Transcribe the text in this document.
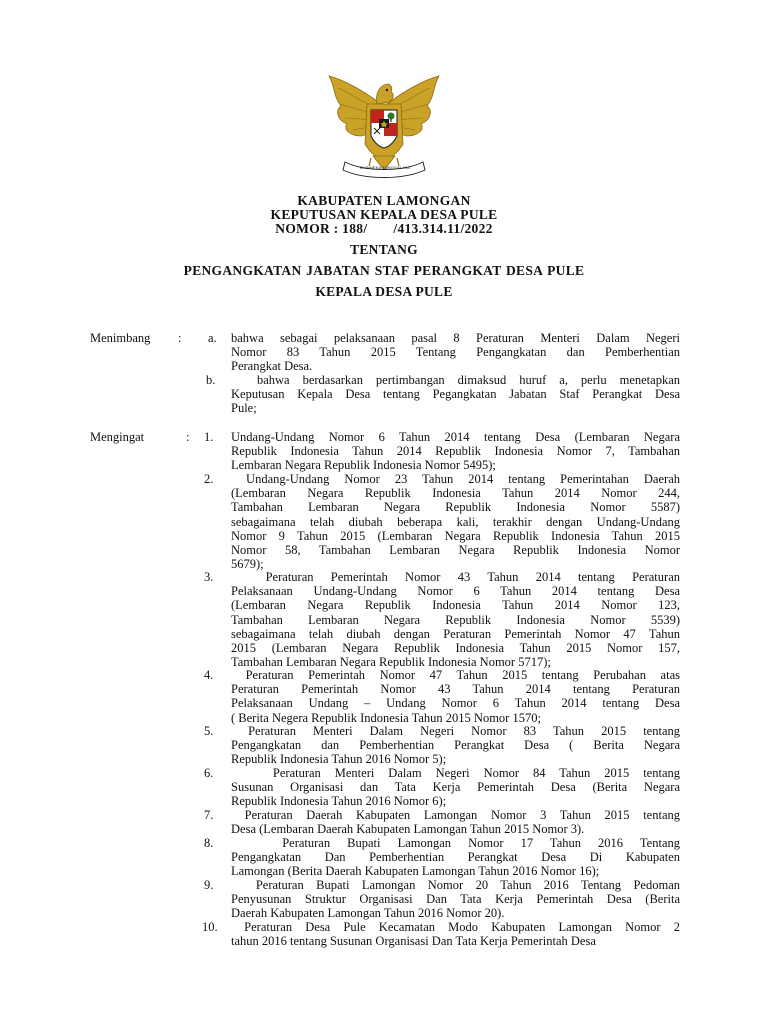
BHINNEKA TUNGGAL IKA
KABUPATEN LAMONGAN
KEPUTUSAN KEPALA DESA PULE
NOMOR : 188/ /413.314.11/2022
TENTANG
PENGANGKATAN JABATAN STAF PERANGKAT DESA PULE
KEPALA DESA PULE
Menimbang : a. bahwa sebagai pelaksanaan pasal 8 Peraturan Menteri Dalam Negeri
Nomor 83 Tahun 2015 Tentang Pengangkatan dan Pemberhentian
Perangkat Desa.
b. bahwa berdasarkan pertimbangan dimaksud huruf a, perlu menetapkan
Keputusan Kepala Desa tentang Pegangkatan Jabatan Staf Perangkat Desa
Pule;
Mengingat	: 1. Undang-Undang Nomor 6 Tahun 2014 tentang Desa (Lembaran Negara
Republik Indonesia Tahun 2014 Republik Indonesia Nomor 7, Tambahan
Lembaran Negara Republik Indonesia Nomor 5495);
2. Undang-Undang Nomor 23 Tahun 2014 tentang Pemerintahan Daerah
(Lembaran Negara Republik Indonesia Tahun 2014 Nomor 244,
Tambahan Lembaran Negara Republik Indonesia Nomor 5587)
sebagaimana telah diubah beberapa kali, terakhir dengan Undang-Undang
Nomor 9 Tahun 2015 (Lembaran Negara Republik Indonesia Tahun 2015
Nomor 58, Tambahan Lembaran Negara Republik Indonesia Nomor
5679);
3. Peraturan Pemerintah Nomor 43 Tahun 2014 tentang Peraturan
Pelaksanaan Undang-Undang Nomor 6 Tahun 2014 tentang Desa
(Lembaran Negara Republik Indonesia Tahun 2014 Nomor 123,
Tambahan Lembaran Negara Republik Indonesia Nomor 5539)
sebagaimana telah diubah dengan Peraturan Pemerintah Nomor 47 Tahun
2015 (Lembaran Negara Republik Indonesia Tahun 2015 Nomor 157,
Tambahan Lembaran Negara Republik Indonesia Nomor 5717);
4. Peraturan Pemerintah Nomor 47 Tahun 2015 tentang Perubahan atas
Peraturan Pemerintah Nomor 43 Tahun 2014 tentang Peraturan
Pelaksanaan Undang – Undang Nomor 6 Tahun 2014 tentang Desa
( Berita Negera Republik Indonesia Tahun 2015 Nomor 1570;
5. Peraturan Menteri Dalam Negeri Nomor 83 Tahun 2015 tentang
Pengangkatan dan Pemberhentian Perangkat Desa ( Berita Negara
Republik Indonesia Tahun 2016 Nomor 5);
6. Peraturan Menteri Dalam Negeri Nomor 84 Tahun 2015 tentang
Susunan Organisasi dan Tata Kerja Pemerintah Desa (Berita Negara
Republik Indonesia Tahun 2016 Nomor 6);
7. Peraturan Daerah Kabupaten Lamongan Nomor 3 Tahun 2015 tentang
Desa (Lembaran Daerah Kabupaten Lamongan Tahun 2015 Nomor 3).
8. Peraturan Bupati Lamongan Nomor 17 Tahun 2016 Tentang
Pengangkatan Dan Pemberhentian Perangkat Desa Di Kabupaten
Lamongan (Berita Daerah Kabupaten Lamongan Tahun 2016 Nomor 16);
9. Peraturan Bupati Lamongan Nomor 20 Tahun 2016 Tentang Pedoman
Penyusunan Struktur Organisasi Dan Tata Kerja Pemerintah Desa (Berita
Daerah Kabupaten Lamongan Tahun 2016 Nomor 20).
10. Peraturan Desa Pule Kecamatan Modo Kabupaten Lamongan Nomor 2
tahun 2016 tentang Susunan Organisasi Dan Tata Kerja Pemerintah Desa
